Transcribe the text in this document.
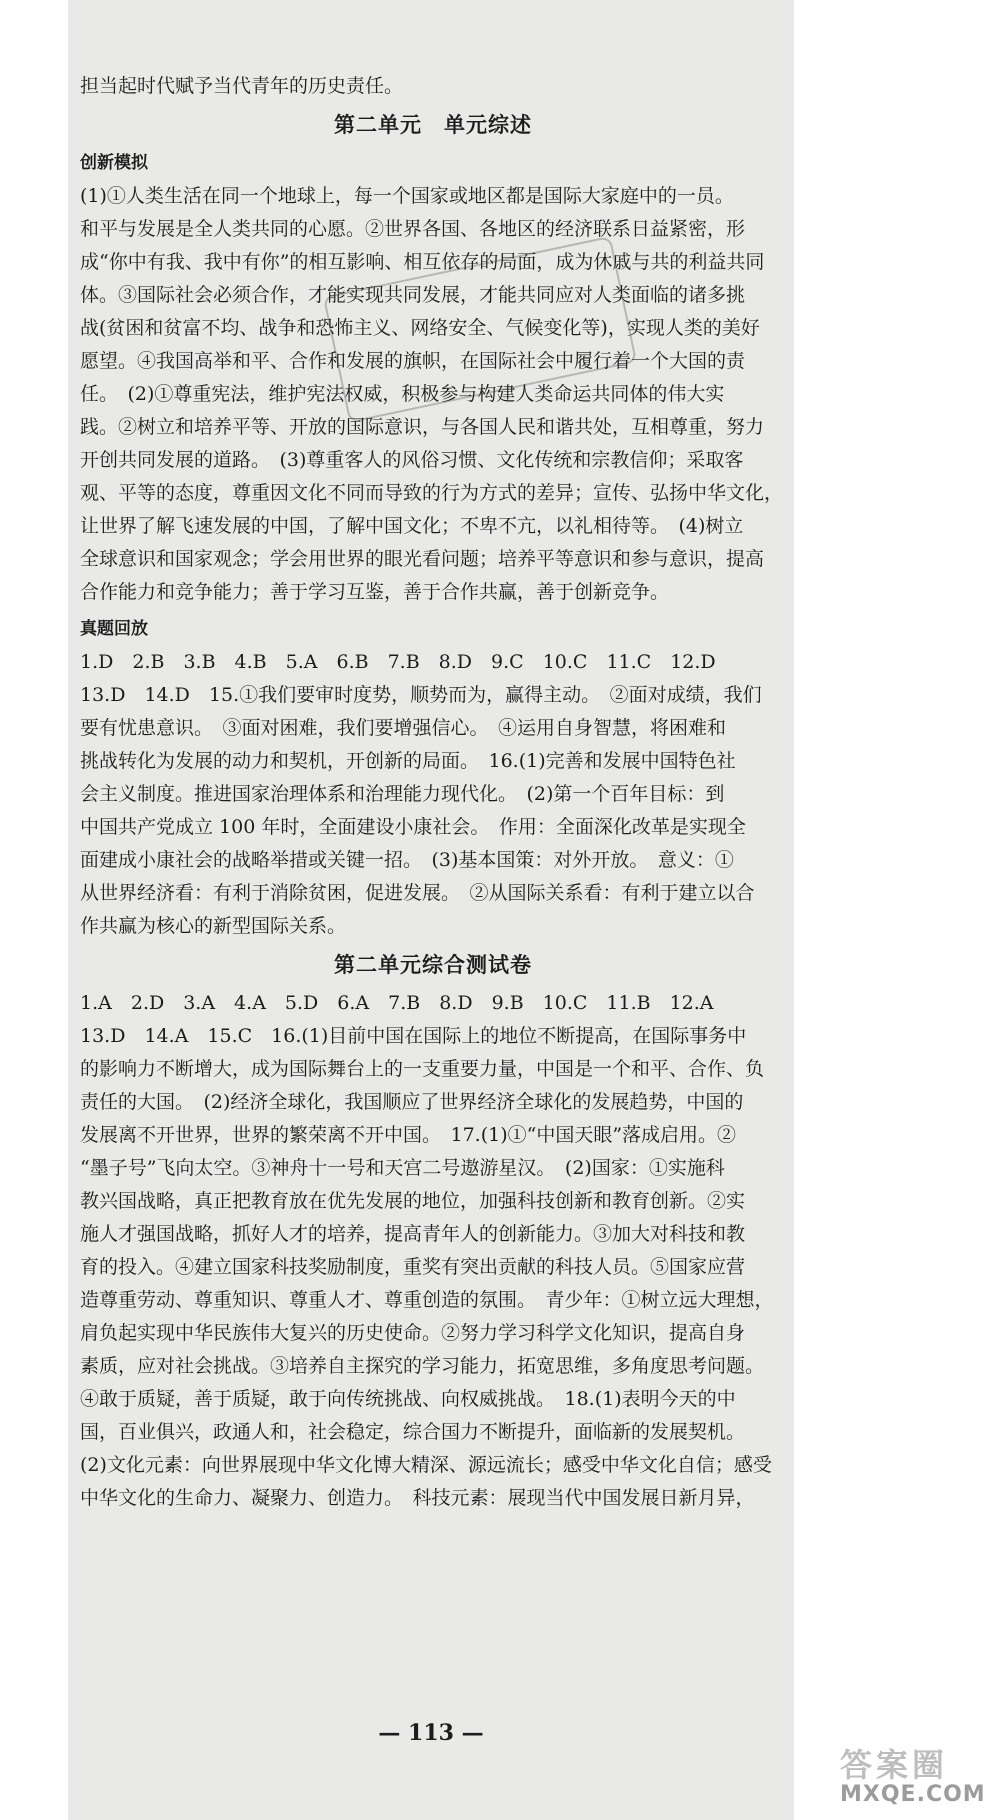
担当起时代赋予当代青年的历史责任。
第二单元　单元综述
创新模拟
(1)①人类生活在同一个地球上，每一个国家或地区都是国际大家庭中的一员。
和平与发展是全人类共同的心愿。②世界各国、各地区的经济联系日益紧密，形
成“你中有我、我中有你”的相互影响、相互依存的局面，成为休戚与共的利益共同
体。③国际社会必须合作，才能实现共同发展，才能共同应对人类面临的诸多挑
战(贫困和贫富不均、战争和恐怖主义、网络安全、气候变化等)，实现人类的美好
愿望。④我国高举和平、合作和发展的旗帜，在国际社会中履行着一个大国的责
任。　(2)①尊重宪法，维护宪法权威，积极参与构建人类命运共同体的伟大实
践。②树立和培养平等、开放的国际意识，与各国人民和谐共处，互相尊重，努力
开创共同发展的道路。　(3)尊重客人的风俗习惯、文化传统和宗教信仰；采取客
观、平等的态度，尊重因文化不同而导致的行为方式的差异；宣传、弘扬中华文化，
让世界了解飞速发展的中国，了解中国文化；不卑不亢，以礼相待等。　(4)树立
全球意识和国家观念；学会用世界的眼光看问题；培养平等意识和参与意识，提高
合作能力和竞争能力；善于学习互鉴，善于合作共赢，善于创新竞争。
真题回放
1.D　2.B　3.B　4.B　5.A　6.B　7.B　8.D　9.C　10.C　11.C　12.D
13.D　14.D　15.①我们要审时度势，顺势而为，赢得主动。　②面对成绩，我们
要有忧患意识。　③面对困难，我们要增强信心。　④运用自身智慧，将困难和
挑战转化为发展的动力和契机，开创新的局面。　16.(1)完善和发展中国特色社
会主义制度。推进国家治理体系和治理能力现代化。　(2)第一个百年目标：到
中国共产党成立 100 年时，全面建设小康社会。　作用：全面深化改革是实现全
面建成小康社会的战略举措或关键一招。　(3)基本国策：对外开放。　意义：①
从世界经济看：有利于消除贫困，促进发展。　②从国际关系看：有利于建立以合
作共赢为核心的新型国际关系。
第二单元综合测试卷
1.A　2.D　3.A　4.A　5.D　6.A　7.B　8.D　9.B　10.C　11.B　12.A
13.D　14.A　15.C　16.(1)目前中国在国际上的地位不断提高，在国际事务中
的影响力不断增大，成为国际舞台上的一支重要力量，中国是一个和平、合作、负
责任的大国。　(2)经济全球化，我国顺应了世界经济全球化的发展趋势，中国的
发展离不开世界，世界的繁荣离不开中国。　17.(1)①“中国天眼”落成启用。②
“墨子号”飞向太空。③神舟十一号和天宫二号遨游星汉。　(2)国家：①实施科
教兴国战略，真正把教育放在优先发展的地位，加强科技创新和教育创新。②实
施人才强国战略，抓好人才的培养，提高青年人的创新能力。③加大对科技和教
育的投入。④建立国家科技奖励制度，重奖有突出贡献的科技人员。⑤国家应营
造尊重劳动、尊重知识、尊重人才、尊重创造的氛围。　青少年：①树立远大理想，
肩负起实现中华民族伟大复兴的历史使命。②努力学习科学文化知识，提高自身
素质，应对社会挑战。③培养自主探究的学习能力，拓宽思维，多角度思考问题。
④敢于质疑，善于质疑，敢于向传统挑战、向权威挑战。　18.(1)表明今天的中
国，百业俱兴，政通人和，社会稳定，综合国力不断提升，面临新的发展契机。
(2)文化元素：向世界展现中华文化博大精深、源远流长；感受中华文化自信；感受
中华文化的生命力、凝聚力、创造力。　科技元素：展现当代中国发展日新月异，
— 113 —
答案圈
MXQE.COM
